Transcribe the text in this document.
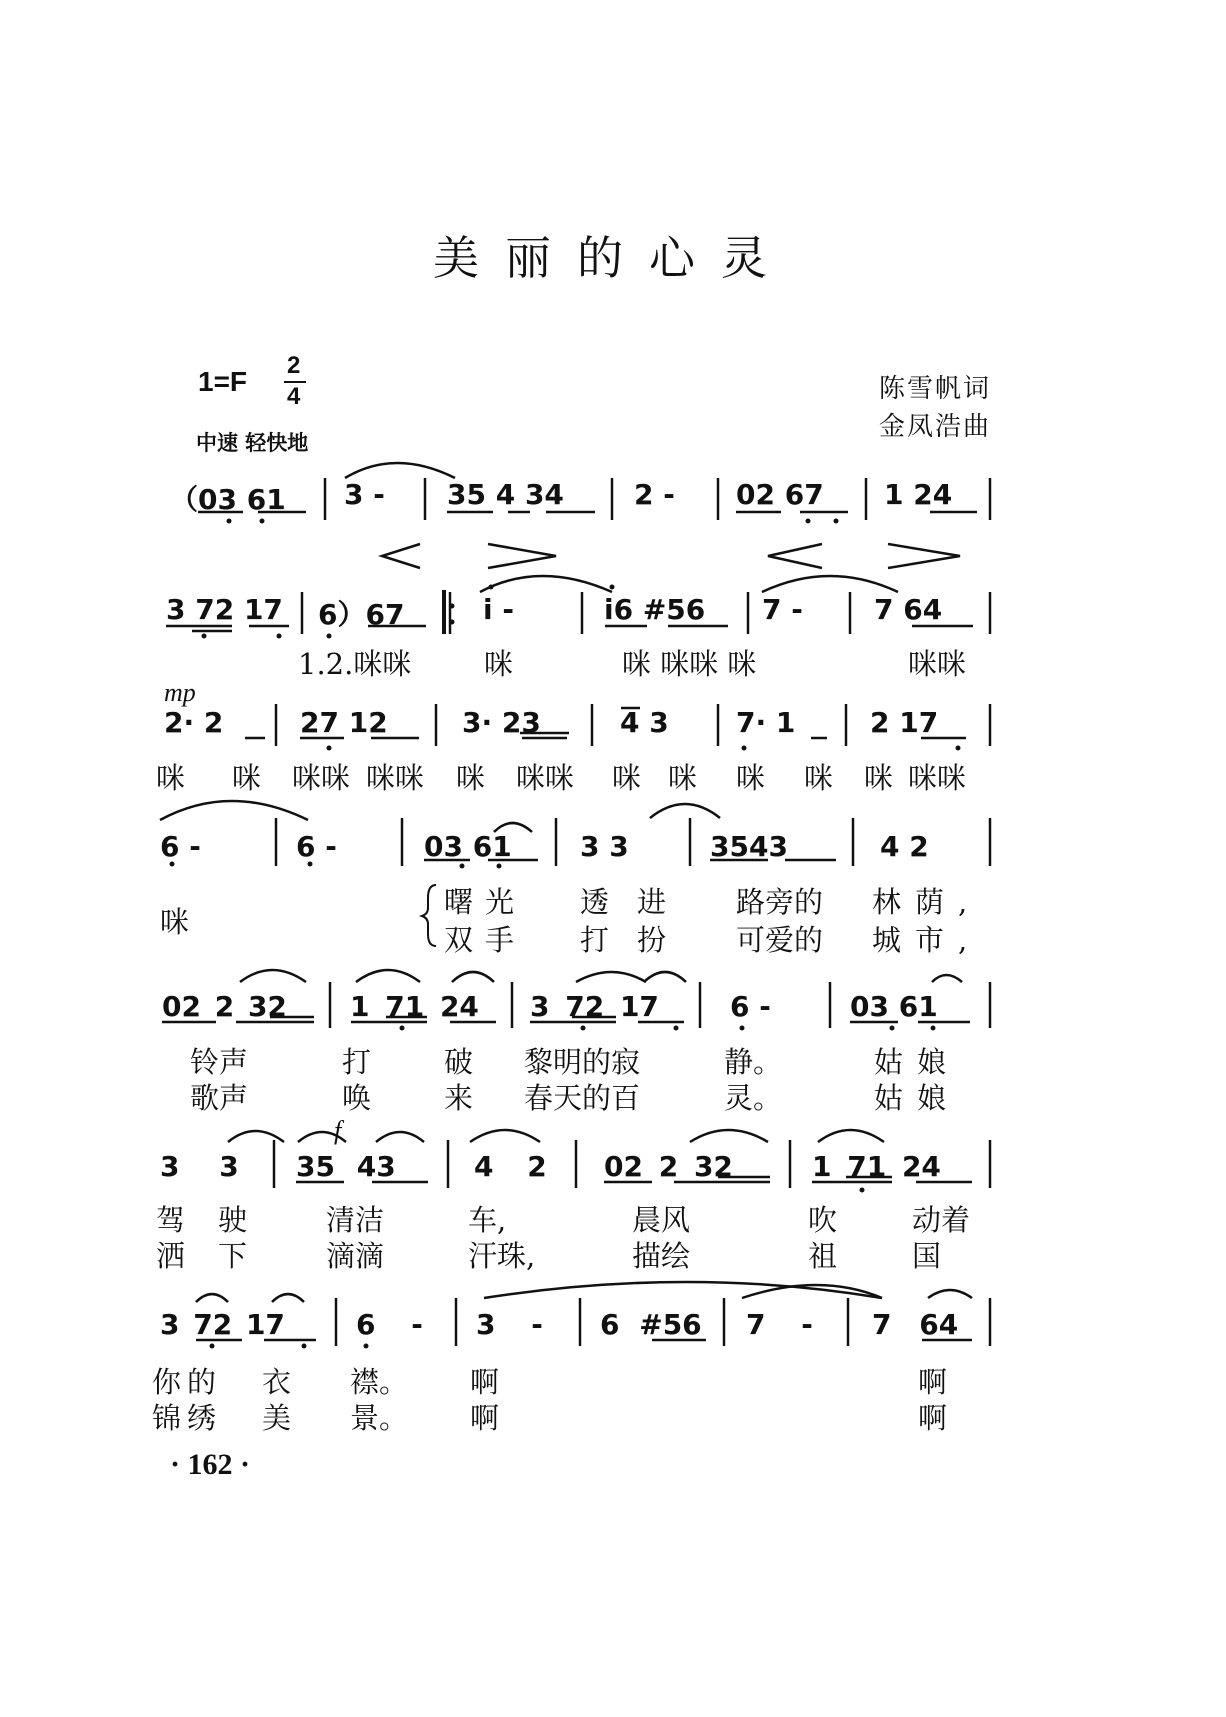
美丽的心灵
1=F
2
4
中速 轻快地
陈雪帆词
金凤浩曲
（03 61 3 - 35 4 34	2 - 02 67 1 24
3 72 17 6）67	i -	i6 #56 7 -	7 64
1.2.咪咪	咪	咪 咪咪 咪	咪咪
mp
2· 2	27 12	3· 23	4 3 7· 1	2 17
咪 咪 咪咪 咪咪 咪 咪咪 咪 咪 咪 咪 咪 咪咪
6 -	6 -	03 61 3 3	3543	4 2
咪
曙光 透进 路旁的 林荫,
双手 打扮 可爱的 城市,
02 2 32 1 71 24 3 72 17	6 -	03 61
铃声	打	破 黎明的寂	静。	姑娘
歌声	唤	来 春天的百	灵。	姑娘
f
3 3 35 43	4 2 02 2 32	1 71 24
驾 驶	清洁	车,	晨风	吹	动着
洒 下	滴滴	汗珠,	描绘	祖	国
3 72 17	6 - 3 - 6 #56 7 - 7 64
你的 衣 襟。 啊	啊
锦绣 美 景。 啊	啊
· 162 ·
